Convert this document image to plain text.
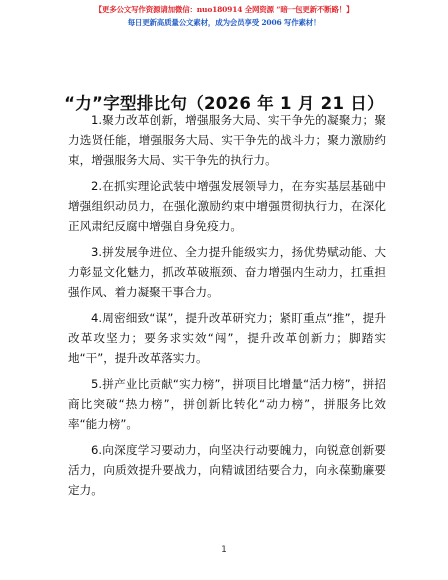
【更多公文写作资源请加微信：nuo180914 全网资源 “暗一包更新不断路！】
每日更新高质量公文素材，成为会员享受 2006 写作素材！
“力”字型排比句（2026 年 1 月 21 日）
1.聚力改革创新，增强服务大局、实干争先的凝聚力；聚力选贤任能，增强服务大局、实干争先的战斗力；聚力激励约束，增强服务大局、实干争先的执行力。
2.在抓实理论武装中增强发展领导力，在夯实基层基础中增强组织动员力，在强化激励约束中增强贯彻执行力，在深化正风肃纪反腐中增强自身免疫力。
3.拼发展争进位、全力提升能级实力，扬优势赋动能、大力彰显文化魅力，抓改革破瓶颈、奋力增强内生动力，扛重担强作风、着力凝聚干事合力。
4.周密细致“谋”，提升改革研究力；紧盯重点“推”，提升改革攻坚力；要务求实效“闯”，提升改革创新力；脚踏实地“干”，提升改革落实力。
5.拼产业比贡献“实力榜”，拼项目比增量“活力榜”，拼招商比突破“热力榜”，拼创新比转化“动力榜”，拼服务比效率“能力榜”。
6.向深度学习要动力，向坚决行动要魄力，向锐意创新要活力，向质效提升要战力，向精诚团结要合力，向永葆勤廉要定力。
1
